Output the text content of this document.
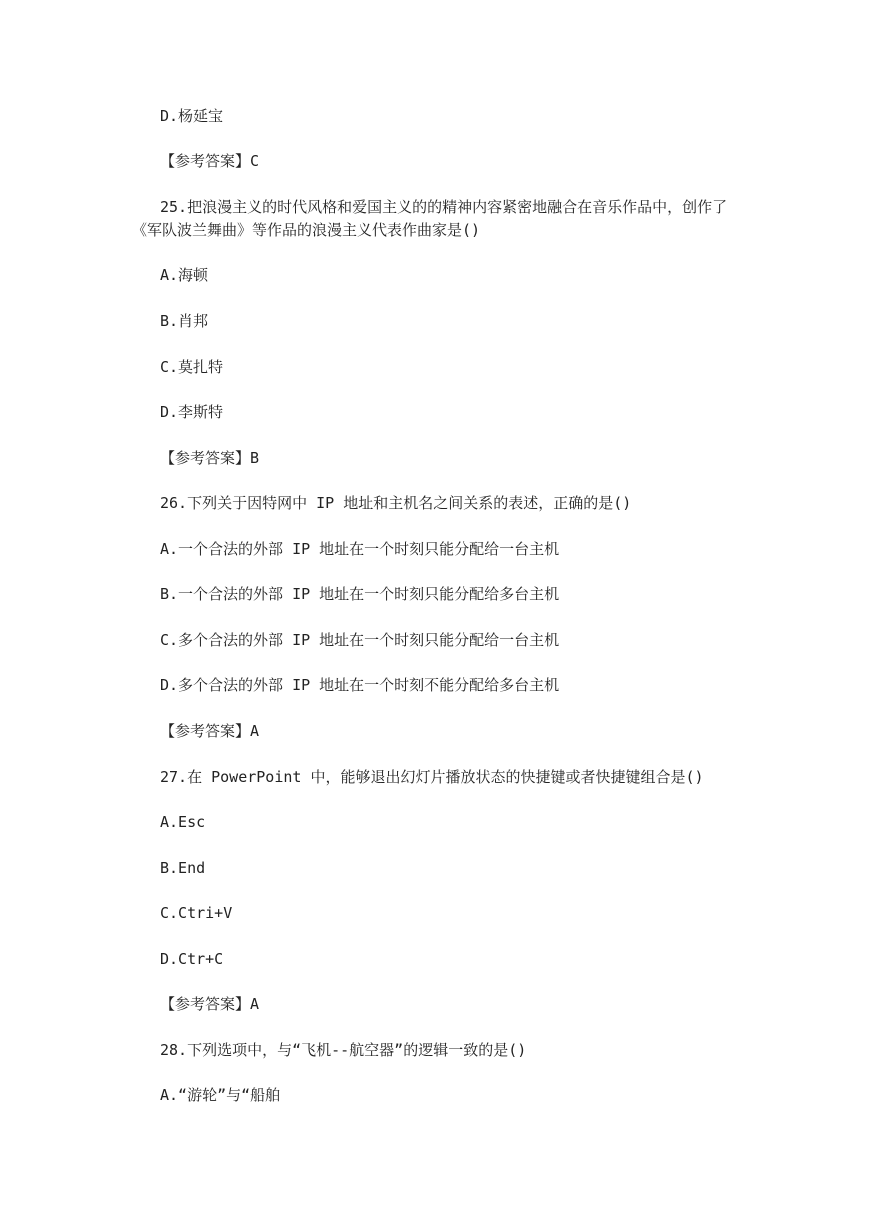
D.杨延宝
【参考答案】C
25.把浪漫主义的时代风格和爱国主义的的精神内容紧密地融合在音乐作品中，创作了
《军队波兰舞曲》等作品的浪漫主义代表作曲家是()
A.海顿
B.肖邦
C.莫扎特
D.李斯特
【参考答案】B
26.下列关于因特网中 IP 地址和主机名之间关系的表述，正确的是()
A.一个合法的外部 IP 地址在一个时刻只能分配给一台主机
B.一个合法的外部 IP 地址在一个时刻只能分配给多台主机
C.多个合法的外部 IP 地址在一个时刻只能分配给一台主机
D.多个合法的外部 IP 地址在一个时刻不能分配给多台主机
【参考答案】A
27.在 PowerPoint 中，能够退出幻灯片播放状态的快捷键或者快捷键组合是()
A.Esc
B.End
C.Ctri+V
D.Ctr+C
【参考答案】A
28.下列选项中，与“飞机--航空器”的逻辑一致的是()
A.“游轮”与“船舶
